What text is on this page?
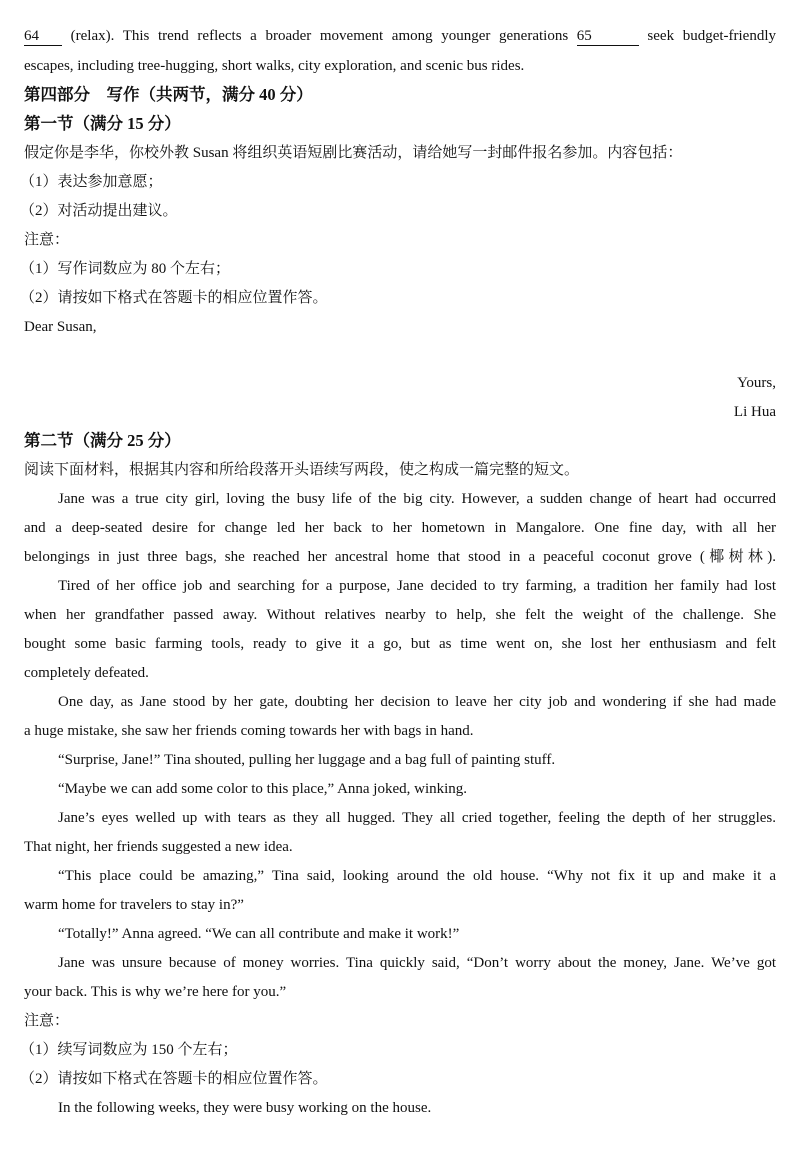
64 (relax). This trend reflects a broader movement among younger generations 65	seek budget-friendly
escapes, including tree-hugging, short walks, city exploration, and scenic bus rides.
第四部分　写作（共两节，满分 40 分）
第一节（满分 15 分）
假定你是李华，你校外教 Susan 将组织英语短剧比赛活动，请给她写一封邮件报名参加。内容包括：
（1）表达参加意愿；
（2）对活动提出建议。
注意：
（1）写作词数应为 80 个左右；
（2）请按如下格式在答题卡的相应位置作答。
Dear Susan,
Yours,
Li Hua
第二节（满分 25 分）
阅读下面材料，根据其内容和所给段落开头语续写两段，使之构成一篇完整的短文。
Jane was a true city girl, loving the busy life of the big city. However, a sudden change of heart had occurred
and a deep-seated desire for change led her back to her hometown in Mangalore. One fine day, with all her
belongings in just three bags, she reached her ancestral home that stood in a peaceful coconut grove (椰树林).
Tired of her office job and searching for a purpose, Jane decided to try farming, a tradition her family had lost
when her grandfather passed away. Without relatives nearby to help, she felt the weight of the challenge. She
bought some basic farming tools, ready to give it a go, but as time went on, she lost her enthusiasm and felt
completely defeated.
One day, as Jane stood by her gate, doubting her decision to leave her city job and wondering if she had made
a huge mistake, she saw her friends coming towards her with bags in hand.
“Surprise, Jane!” Tina shouted, pulling her luggage and a bag full of painting stuff.
“Maybe we can add some color to this place,” Anna joked, winking.
Jane’s eyes welled up with tears as they all hugged. They all cried together, feeling the depth of her struggles.
That night, her friends suggested a new idea.
“This place could be amazing,” Tina said, looking around the old house. “Why not fix it up and make it a
warm home for travelers to stay in?”
“Totally!” Anna agreed. “We can all contribute and make it work!”
Jane was unsure because of money worries. Tina quickly said, “Don’t worry about the money, Jane. We’ve got
your back. This is why we’re here for you.”
注意：
（1）续写词数应为 150 个左右；
（2）请按如下格式在答题卡的相应位置作答。
In the following weeks, they were busy working on the house.
